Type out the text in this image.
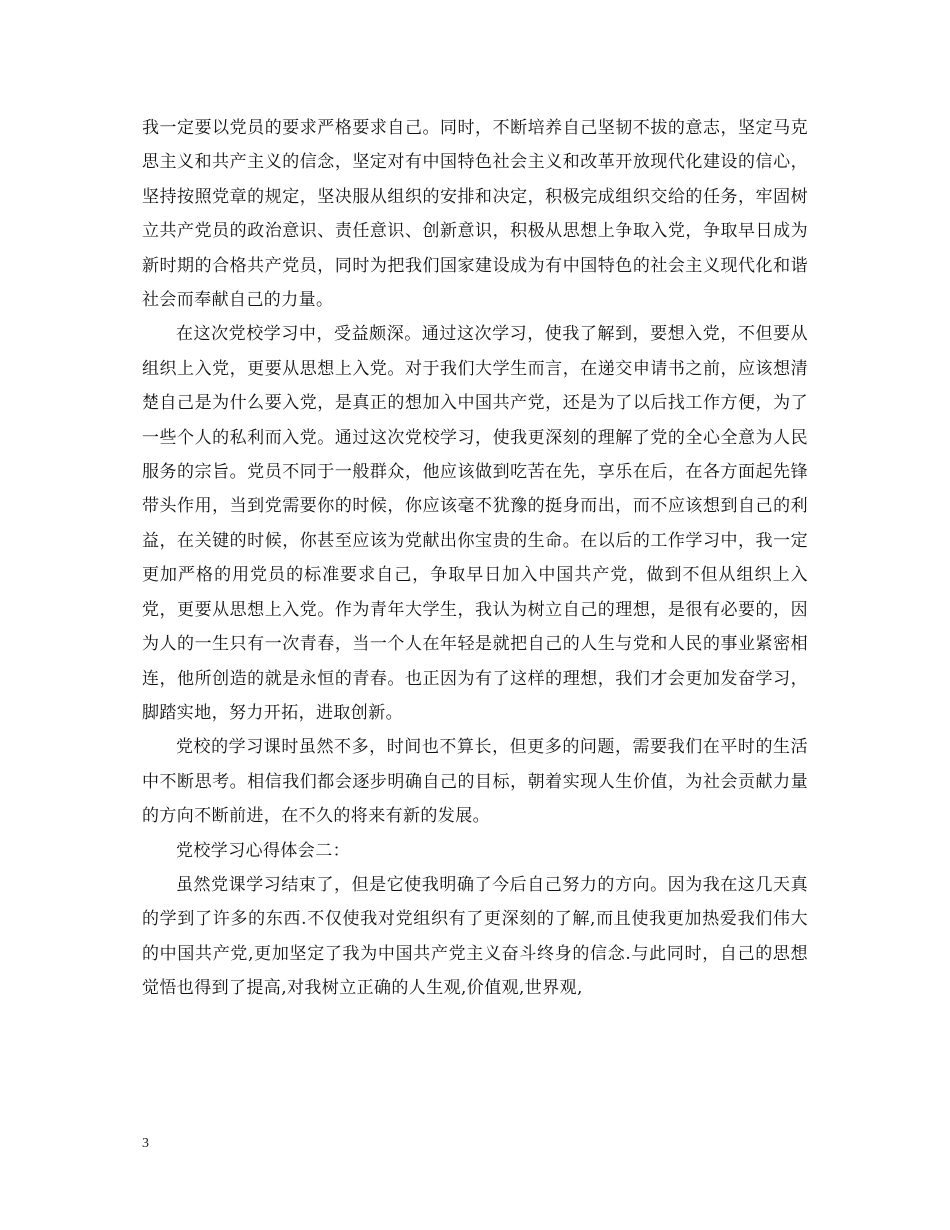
我一定要以党员的要求严格要求自己。同时，不断培养自己坚韧不拔的意志，坚定马克思主义和共产主义的信念，坚定对有中国特色社会主义和改革开放现代化建设的信心，坚持按照党章的规定，坚决服从组织的安排和决定，积极完成组织交给的任务，牢固树立共产党员的政治意识、责任意识、创新意识，积极从思想上争取入党，争取早日成为新时期的合格共产党员，同时为把我们国家建设成为有中国特色的社会主义现代化和谐社会而奉献自己的力量。

在这次党校学习中，受益颇深。通过这次学习，使我了解到，要想入党，不但要从组织上入党，更要从思想上入党。对于我们大学生而言，在递交申请书之前，应该想清楚自己是为什么要入党，是真正的想加入中国共产党，还是为了以后找工作方便，为了一些个人的私利而入党。通过这次党校学习，使我更深刻的理解了党的全心全意为人民服务的宗旨。党员不同于一般群众，他应该做到吃苦在先，享乐在后，在各方面起先锋带头作用，当到党需要你的时候，你应该毫不犹豫的挺身而出，而不应该想到自己的利益，在关键的时候，你甚至应该为党献出你宝贵的生命。在以后的工作学习中，我一定更加严格的用党员的标准要求自己，争取早日加入中国共产党，做到不但从组织上入党，更要从思想上入党。作为青年大学生，我认为树立自己的理想，是很有必要的，因为人的一生只有一次青春，当一个人在年轻是就把自己的人生与党和人民的事业紧密相连，他所创造的就是永恒的青春。也正因为有了这样的理想，我们才会更加发奋学习，脚踏实地，努力开拓，进取创新。

党校的学习课时虽然不多，时间也不算长，但更多的问题，需要我们在平时的生活中不断思考。相信我们都会逐步明确自己的目标，朝着实现人生价值，为社会贡献力量的方向不断前进，在不久的将来有新的发展。

党校学习心得体会二：

虽然党课学习结束了，但是它使我明确了今后自己努力的方向。因为我在这几天真的学到了许多的东西.不仅使我对党组织有了更深刻的了解,而且使我更加热爱我们伟大的中国共产党,更加坚定了我为中国共产党主义奋斗终身的信念.与此同时，自己的思想觉悟也得到了提高,对我树立正确的人生观,价值观,世界观,

3
